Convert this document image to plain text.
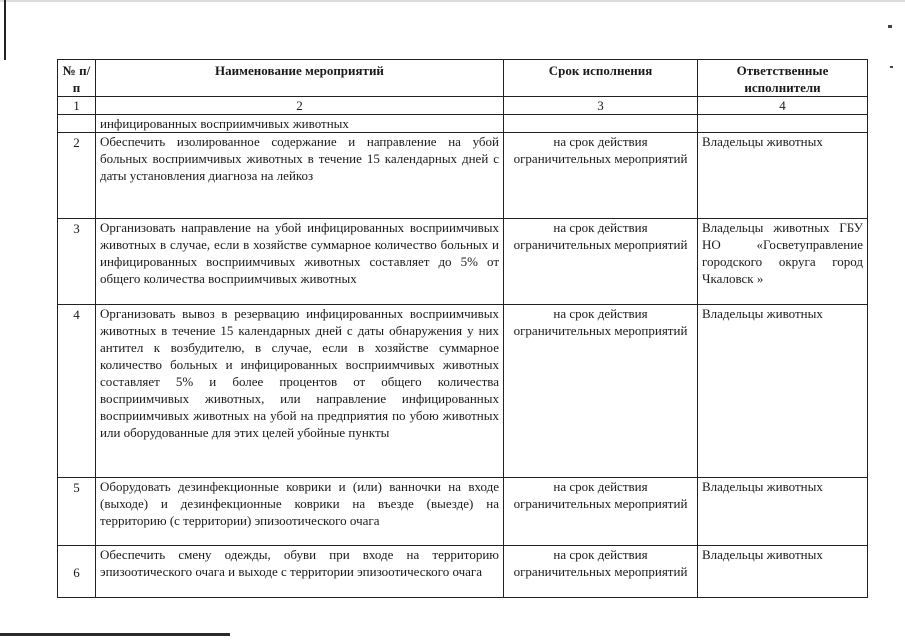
№ п/п	Наименование мероприятий	Срок исполнения	Ответственные исполнители
1	2	3	4
	инфицированных восприимчивых животных		
2	Обеспечить изолированное содержание и направление на убой больных восприимчивых животных в течение 15 календарных дней с даты установления диагноза на лейкоз	на срок действия ограничительных мероприятий	Владельцы животных
3	Организовать направление на убой инфицированных восприимчивых животных в случае, если в хозяйстве суммарное количество больных и инфицированных восприимчивых животных составляет до 5% от общего количества восприимчивых животных	на срок действия ограничительных мероприятий	Владельцы животных ГБУ НО «Госветуправление городского округа город Чкаловск »
4	Организовать вывоз в резервацию инфицированных восприимчивых животных в течение 15 календарных дней с даты обнаружения у них антител к возбудителю, в случае, если в хозяйстве суммарное количество больных и инфицированных восприимчивых животных составляет 5% и более процентов от общего количества восприимчивых животных, или направление инфицированных восприимчивых животных на убой на предприятия по убою животных или оборудованные для этих целей убойные пункты	на срок действия ограничительных мероприятий	Владельцы животных
5	Оборудовать дезинфекционные коврики и (или) ванночки на входе (выходе) и дезинфекционные коврики на въезде (выезде) на территорию (с территории) эпизоотического очага	на срок действия ограничительных мероприятий	Владельцы животных
6	Обеспечить смену одежды, обуви при входе на территорию эпизоотического очага и выходе с территории эпизоотического очага	на срок действия ограничительных мероприятий	Владельцы животных
